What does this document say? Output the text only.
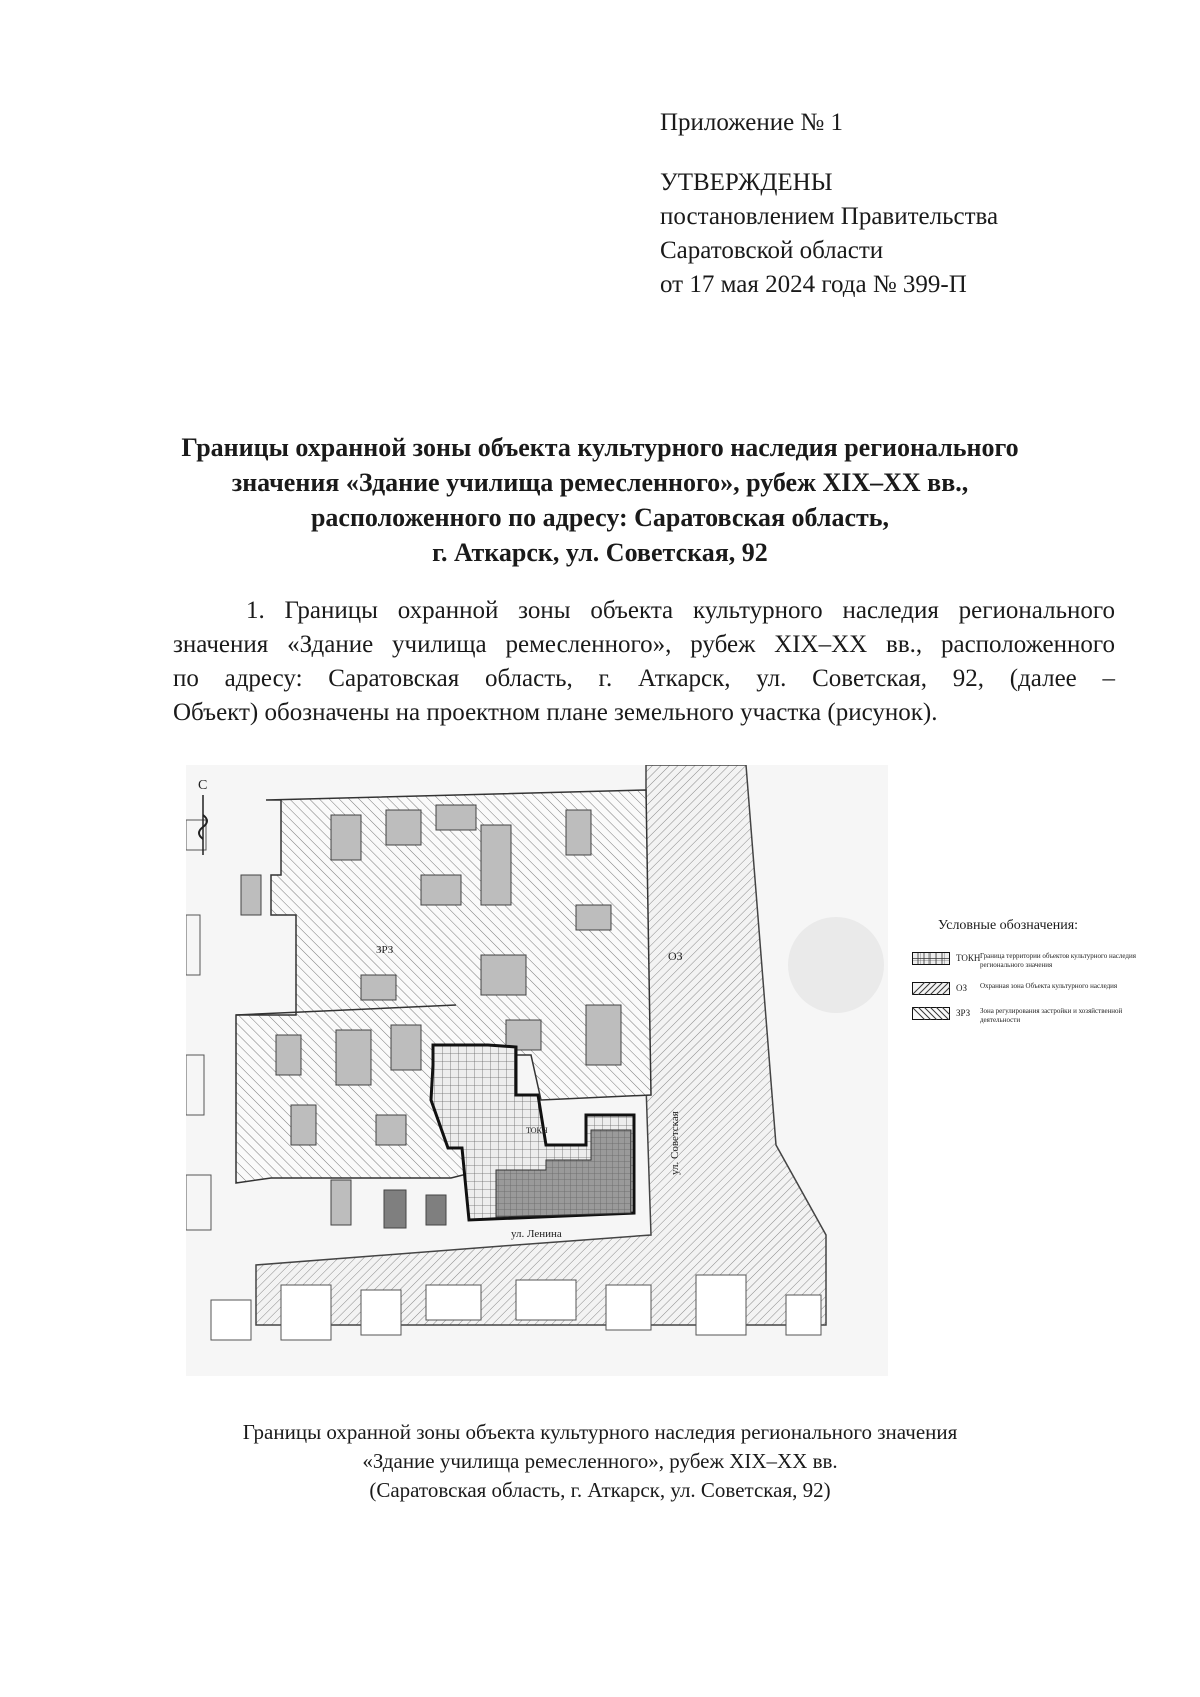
Приложение № 1
УТВЕРЖДЕНЫ
постановлением Правительства
Саратовской области
от 17 мая 2024 года № 399-П
Границы охранной зоны объекта культурного наследия регионального
значения «Здание училища ремесленного», рубеж XIX–XX вв.,
расположенного по адресу: Саратовская область,
г. Аткарск, ул. Советская, 92
1. Границы охранной зоны объекта культурного наследия регионального
значения «Здание училища ремесленного», рубеж XIX–XX вв., расположенного
по адресу: Саратовская область, г. Аткарск, ул. Советская, 92, (далее –
Объект) обозначены на проектном плане земельного участка (рисунок).
С
ЗРЗ	ОЗ
ТОКН	ул. Советская
ул. Ленина
Условные обозначения:
ТОКН Граница территории объектов культурного наследия регионального значения
ОЗ	Охранная зона Объекта культурного наследия
ЗРЗ	Зона регулирования застройки и хозяйственной деятельности
Границы охранной зоны объекта культурного наследия регионального значения
«Здание училища ремесленного», рубеж XIX–XX вв.
(Саратовская область, г. Аткарск, ул. Советская, 92)
